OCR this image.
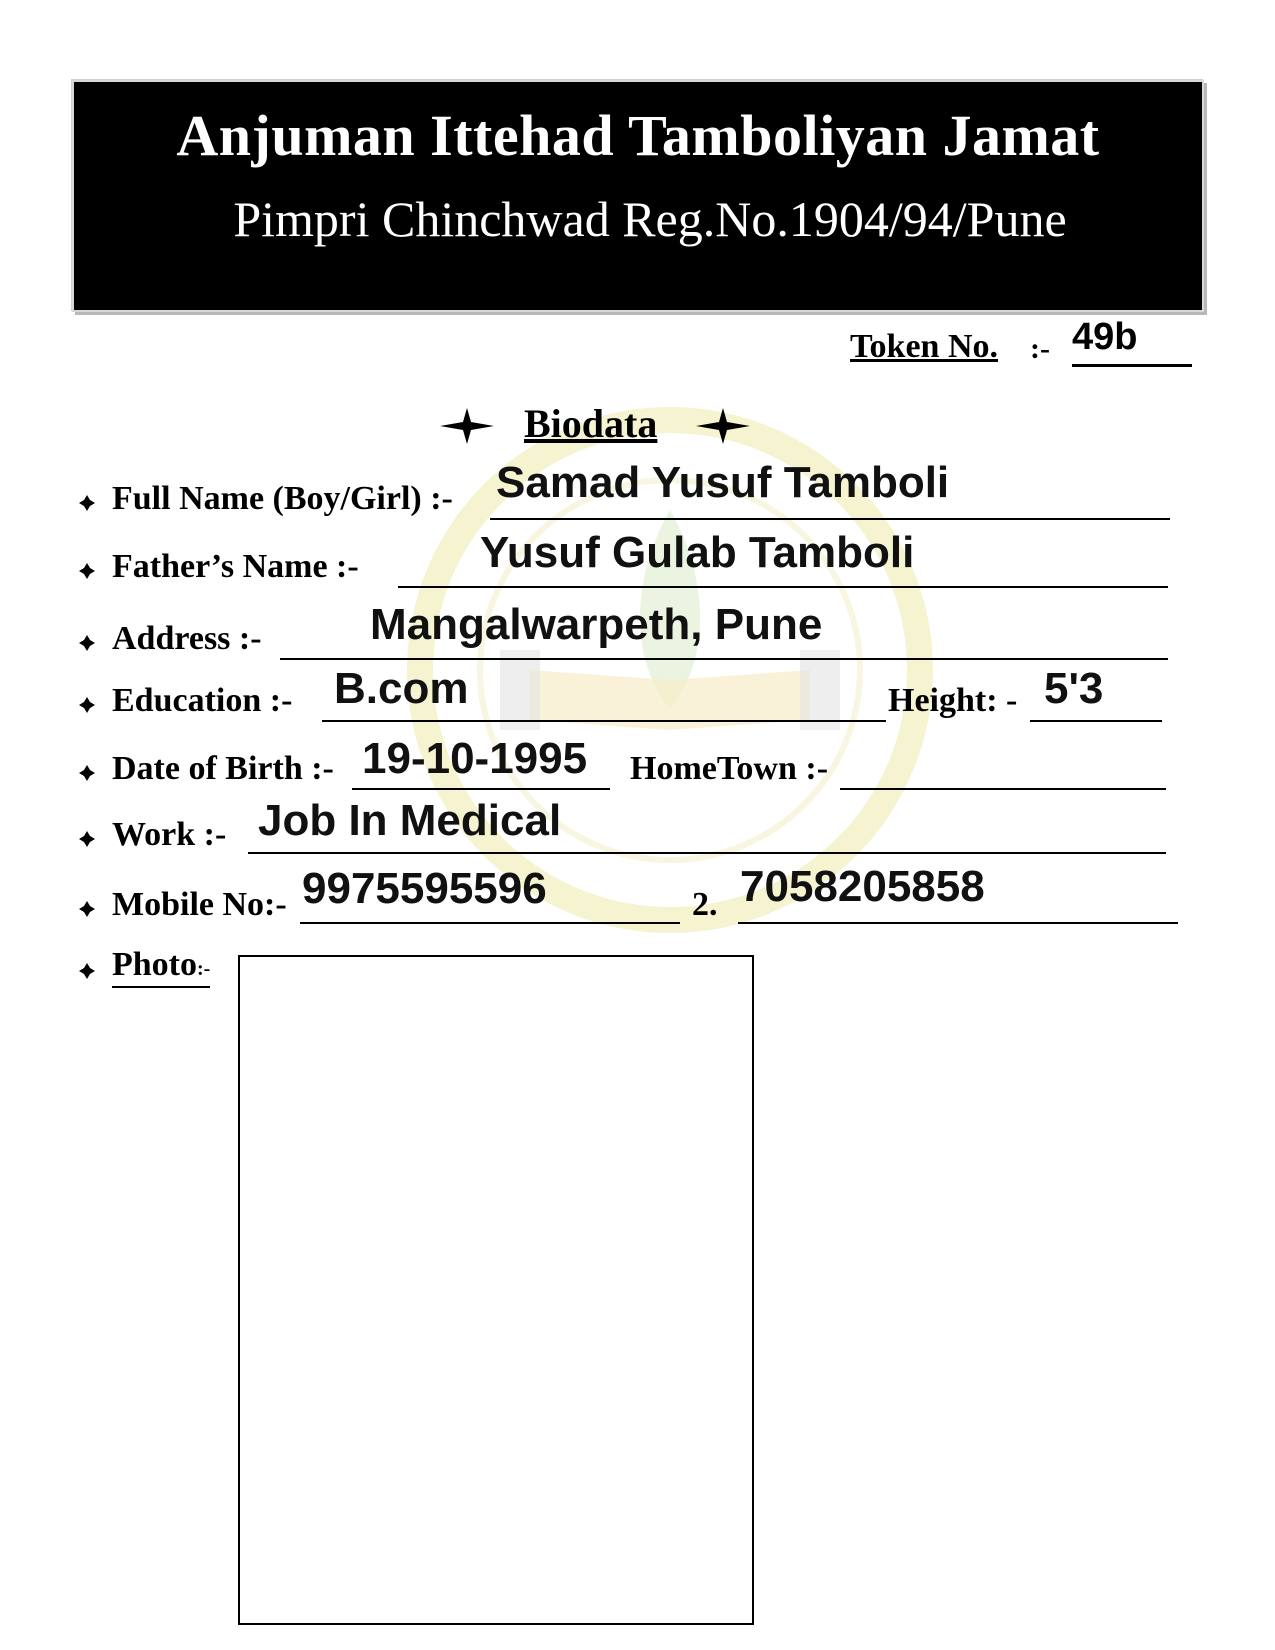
Anjuman Ittehad Tamboliyan Jamat
Pimpri Chinchwad Reg.No.1904/94/Pune
Token No. :- 49b
Biodata
Full Name (Boy/Girl) :- Samad Yusuf Tamboli
Father’s Name :-	Yusuf Gulab Tamboli
Address :- Mangalwarpeth, Pune
Education :- B.com	Height: - 5'3
Date of Birth :- 19-10-1995 HomeTown :-
Work :- Job In Medical
Mobile No:- 9975595596	2. 7058205858
Photo:-
